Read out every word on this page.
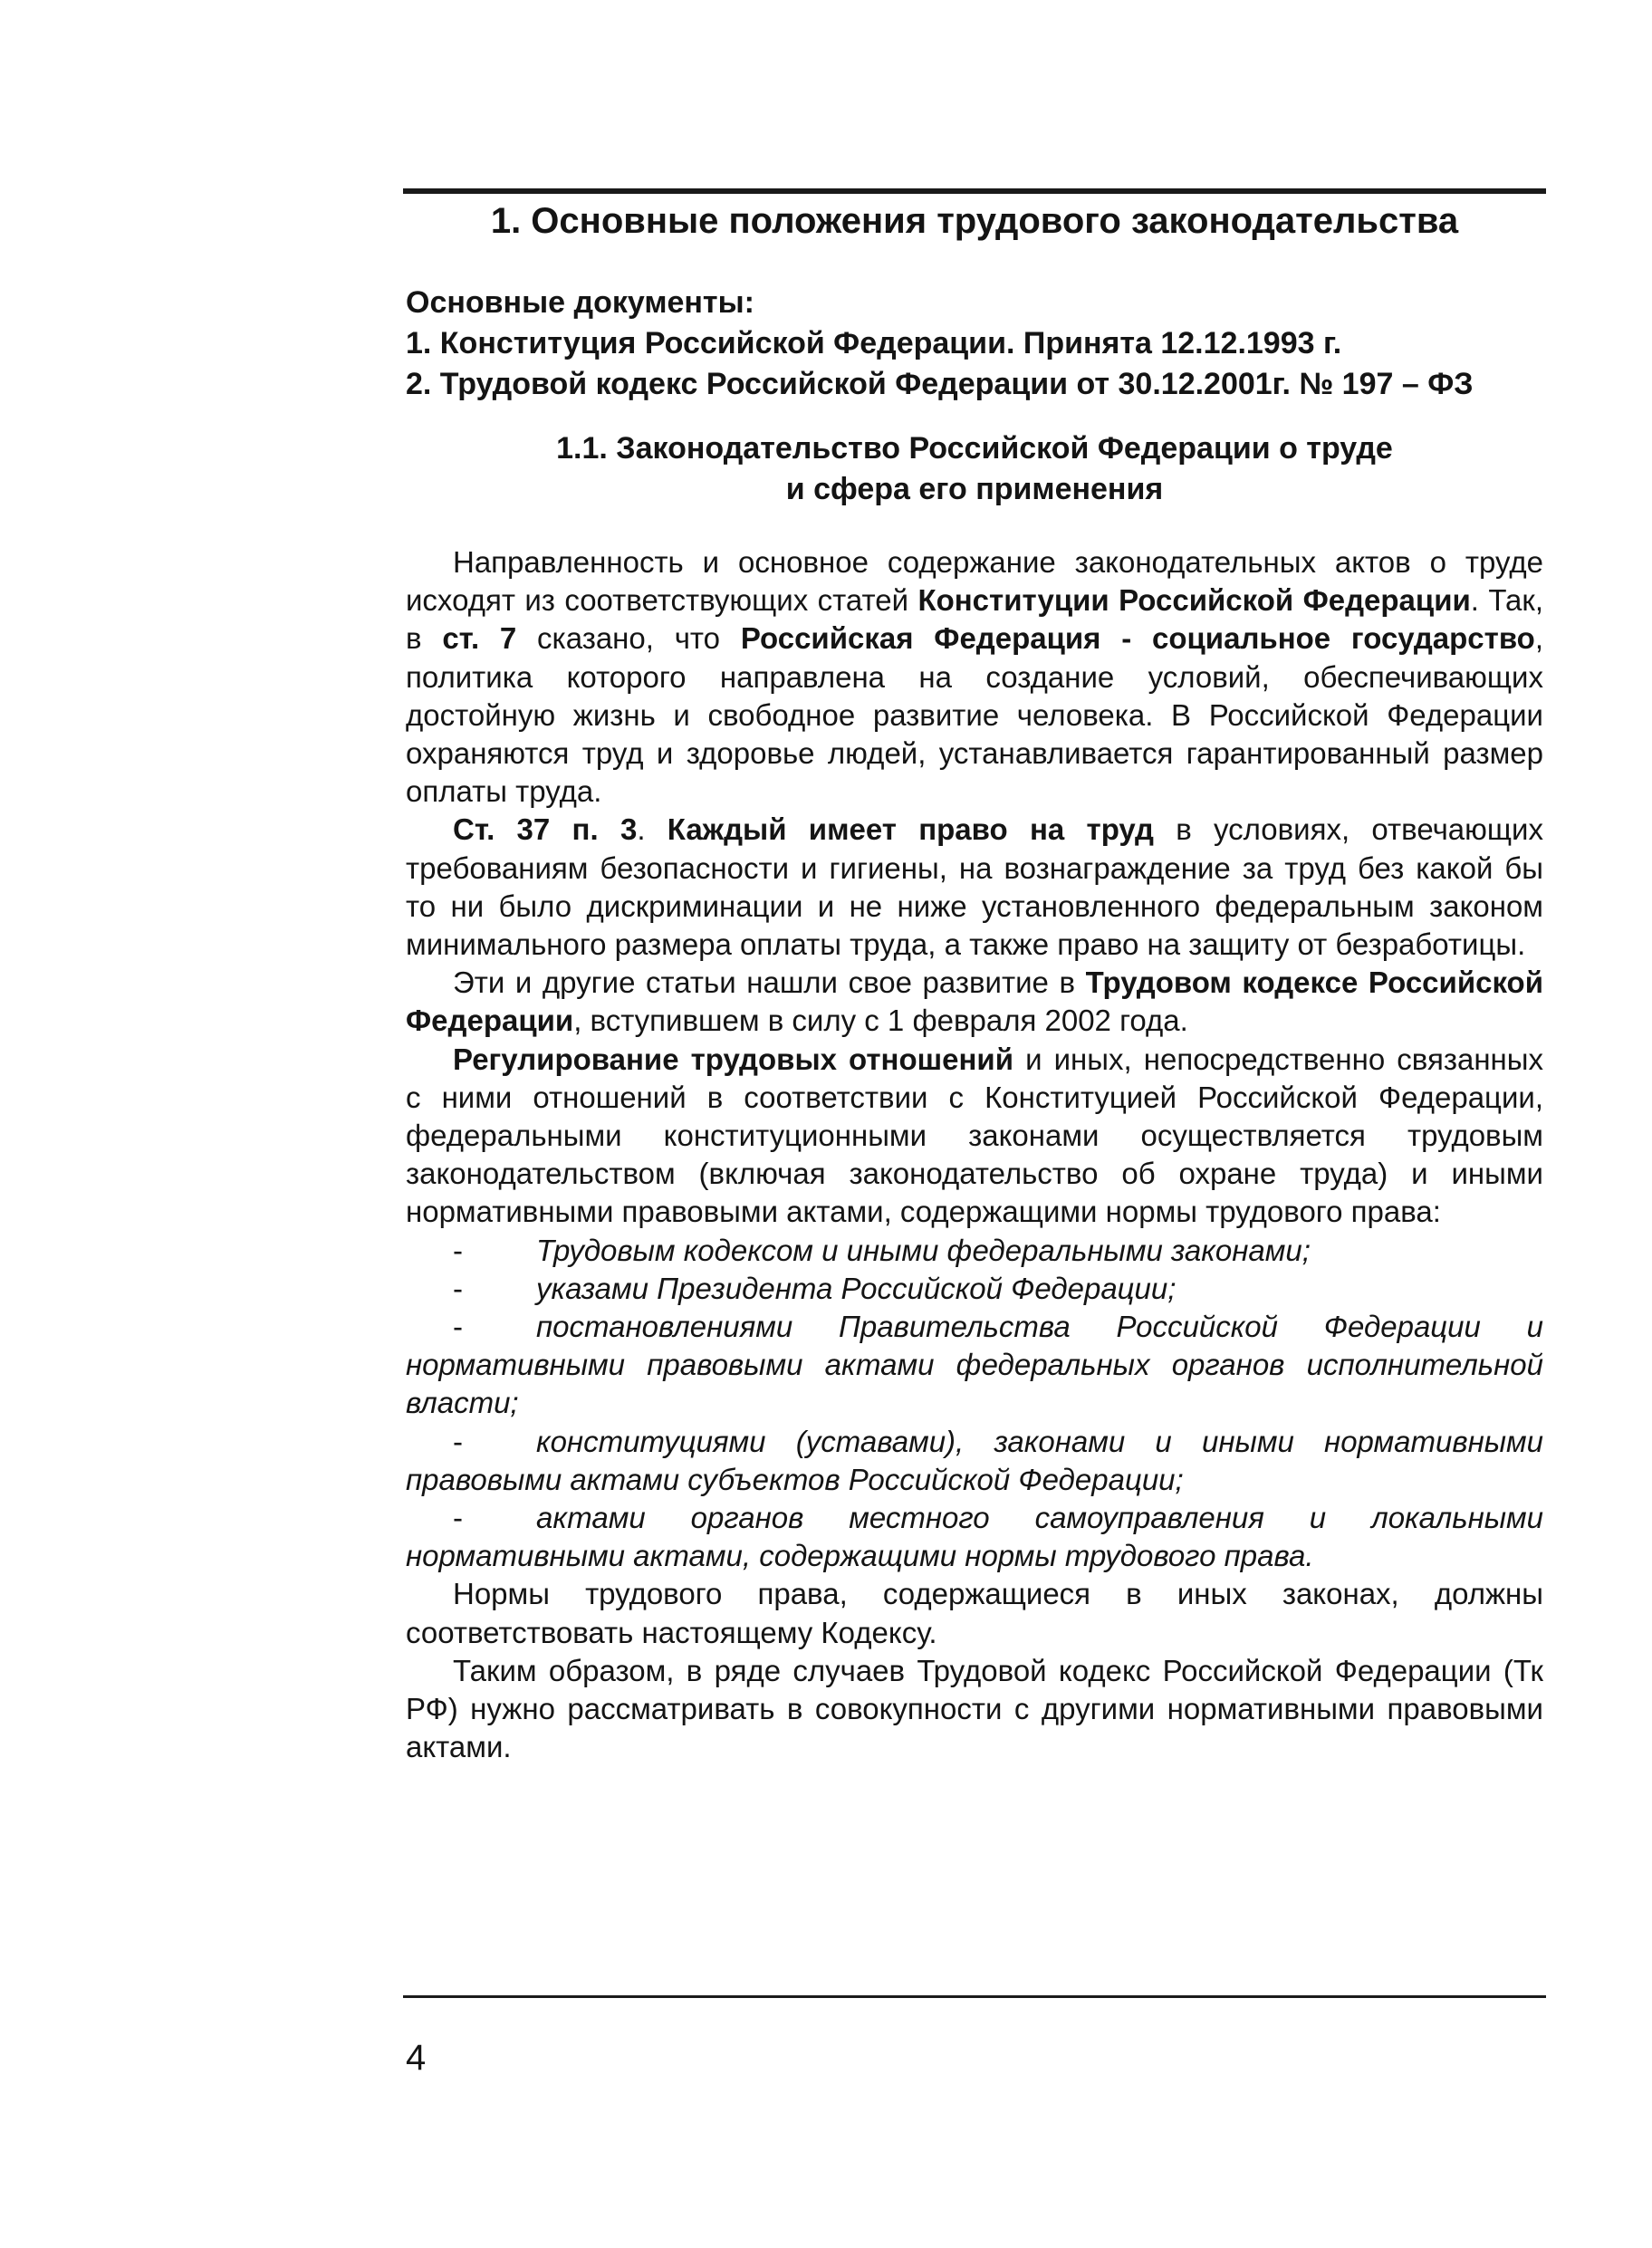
1. Основные положения трудового законодательства
Основные документы:
1. Конституция Российской Федерации. Принята 12.12.1993 г.
2. Трудовой кодекс Российской Федерации от 30.12.2001г. № 197 – ФЗ
1.1. Законодательство Российской Федерации о труде
и сфера его применения

Направленность и основное содержание законодательных актов о труде исходят из соответствующих статей Конституции Российской Федерации. Так, в ст. 7 сказано, что Российская Федерация - социальное государство, политика которого направлена на создание условий, обеспечивающих достойную жизнь и свободное развитие человека. В Российской Федерации охраняются труд и здоровье людей, устанавливается гарантированный размер оплаты труда.

Ст. 37 п. 3. Каждый имеет право на труд в условиях, отвечающих требованиям безопасности и гигиены, на вознаграждение за труд без какой бы то ни было дискриминации и не ниже установленного федеральным законом минимального размера оплаты труда, а также право на защиту от безработицы.

Эти и другие статьи нашли свое развитие в Трудовом кодексе Российской Федерации, вступившем в силу с 1 февраля 2002 года.

Регулирование трудовых отношений и иных, непосредственно связанных с ними отношений в соответствии с Конституцией Российской Федерации, федеральными конституционными законами осуществляется трудовым законодательством (включая законодательство об охране труда) и иными нормативными правовыми актами, содержащими нормы трудового права:

- Трудовым кодексом и иными федеральными законами;
- указами Президента Российской Федерации;
- постановлениями Правительства Российской Федерации и нормативными правовыми актами федеральных органов исполнительной власти;
- конституциями (уставами), законами и иными нормативными правовыми актами субъектов Российской Федерации;
- актами органов местного самоуправления и локальными нормативными актами, содержащими нормы трудового права.

Нормы трудового права, содержащиеся в иных законах, должны соответствовать настоящему Кодексу.

Таким образом, в ряде случаев Трудовой кодекс Российской Федерации (Тк РФ) нужно рассматривать в совокупности с другими нормативными правовыми актами.

4
